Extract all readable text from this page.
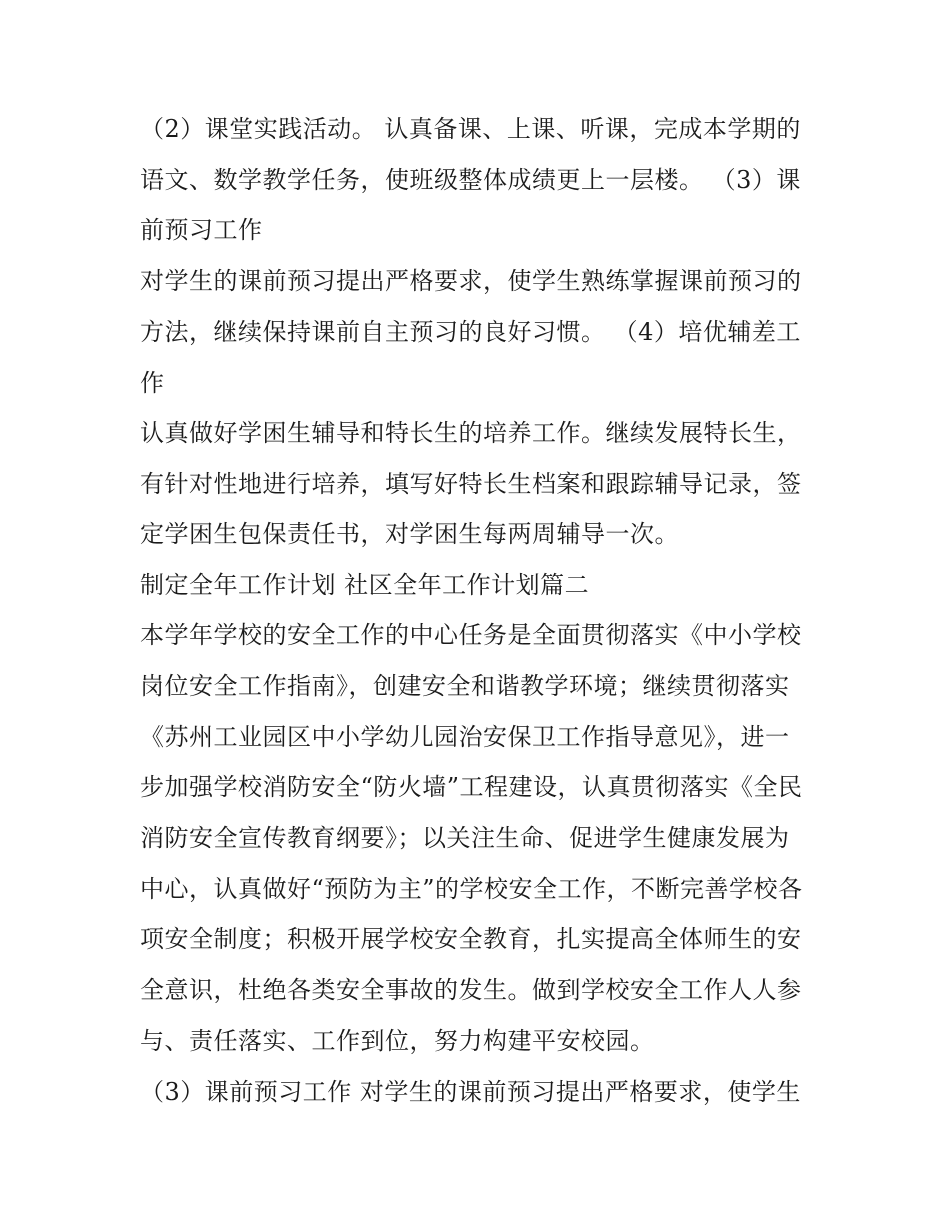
（2）课堂实践活动。 认真备课、上课、听课，完成本学期的
语文、数学教学任务，使班级整体成绩更上一层楼。 （3）课
前预习工作
对学生的课前预习提出严格要求，使学生熟练掌握课前预习的
方法，继续保持课前自主预习的良好习惯。 （4）培优辅差工
作
认真做好学困生辅导和特长生的培养工作。继续发展特长生，
有针对性地进行培养，填写好特长生档案和跟踪辅导记录，签
定学困生包保责任书，对学困生每两周辅导一次。
制定全年工作计划 社区全年工作计划篇二
本学年学校的安全工作的中心任务是全面贯彻落实《中小学校
岗位安全工作指南》，创建安全和谐教学环境；继续贯彻落实
《苏州工业园区中小学幼儿园治安保卫工作指导意见》，进一
步加强学校消防安全“防火墙”工程建设，认真贯彻落实《全民
消防安全宣传教育纲要》；以关注生命、促进学生健康发展为
中心，认真做好“预防为主”的学校安全工作，不断完善学校各
项安全制度；积极开展学校安全教育，扎实提高全体师生的安
全意识，杜绝各类安全事故的发生。做到学校安全工作人人参
与、责任落实、工作到位，努力构建平安校园。
（3）课前预习工作 对学生的课前预习提出严格要求，使学生
